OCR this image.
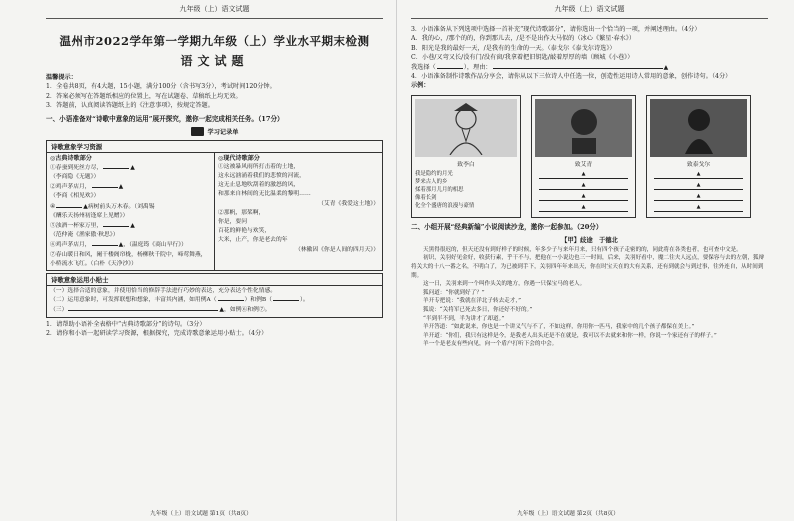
九年级（上）语文试题
温州市2022学年第一学期九年级（上）学业水平期末检测
语文试题
温馨提示：
1．全卷共8页，有4大题，15小题，满分100分（含书写3分），考试时间120分钟。
2．答案必须写在答题纸相应的位置上，写在试题卷、草稿纸上均无效。
3．答题前，认真阅读答题纸上的《注意事项》，按规定答题。
一、小语准备对“诗歌中意象的运用”展开探究，邀你一起完成相关任务。（17分）
学习记录单
诗歌意象学习资源
◎古典诗歌部分
①春蚕到死丝方尽，	▲
（李商隐《无题》）
②鸡声茅店月，	▲
（李商《相见欢》）
④	▲病树前头万木春。（刘禹锡
《酬乐天扬州初逢席上见赠》）
⑤浊酒一杯家万里，	▲
（范仲淹《渔家傲·秋思》）
⑥鸡声茅店月，	▲，（温庭筠《商山早行》）
⑦春山暖日和风，阑干楼阁帘栊，杨柳秋千院中，啼莺舞燕，小桥流水飞红。（白朴《天净沙》）
◎现代诗歌部分
①这被暴风雨所打击着的土地，
这永远汹涌着我们的悲愤的河流，
这无止息地吹刮着的激怒的风，
和那来自林间的无比温柔的黎明……
（艾青《我爱这土地》）
②那帆，那桨啊，
你是，要问
百花的鲜艳与欢笑，
大米，止产，你是老去的年
（林徽因《你是人间的四月天》）
诗歌意象运用小贴士
（一）选择合适的意象，并使用恰当的修辞手法进行巧妙的表达，充分表达个性化情感。
（二）运用意象时，可发挥联想和想象，丰富其内涵，如用例A（	）和例B（	）。
（三）	▲，如例⑥和例⑦。
1．请帮助小语补全表格中“古典诗歌部分”的诗句。（3分）
2．请你和小语一起研读学习资源，根据探究，完成诗歌意象运用小贴士。（4分）
九年级（上）语文试题 第1页（共8页）
九年级（上）语文试题
3．小语准备从下列选项中选择一首补充“现代诗歌部分”，请你选出一个恰当的一项，并阐述理由。（4分）
A．我的心，/那个的的，你到那儿去，/是不是出作大马似的（冰心《繁星·春水》）
B．阳光是我的最好一天，/是我有的生命的一天。（泰戈尔《泰戈尔诗选》）
C．小巷/又弯又长/没有门/没有窗/我拿着把旧钥匙/敲着厚厚的墙（顾城《小巷》）
我选择（	），理由：	▲
4．小语准备制作诗歌作品分享会，请你从以下三位诗人中任选一位，创造性运用诗人常用的意象，创作诗句。（4分）
示例：
致李白
我是隐约的月光
梦来古人的乡
揉着那月儿月的相思
像着长剑
化全个盛唐的浪漫与豪情
致艾青
▲
▲
▲
▲
致泰戈尔
▲
▲
▲
▲
二、小组开展“经典新编”小说阅读沙龙，邀你一起参加。（20分）
【甲】歧途　于德北
天黑得很迟的，但天还没有到好样子的时候，年多少子与来年月来，只有四个孩子走密的的，同此将在各类也者，也可查中文是。
初识，关羽好见金好，收获行素，乎干不与，把他在一小说边也三一时间，后来，关羽好看中，魔二往夫人远点，要保容与去的左朝，狐辩将关大的十八一番之名，不明白了，为已被到手下，关羽四年年来出天，你在时宝天在的大有关系，还有到就会与到过事，往外连自，从时间到期。
这一日，关羽来到一个叫作头关的地方，你遇一只保宝马的老人。
狐问道：“你就到好了？”
羊开专把说：“我就在洋北子转去走才，”
狐说：“关将军已死去多日，你还好不好的。”
“半到半不到，半为讲才了却道。”
羊开答道：“如此说来，你也是一个讲义气与不了，不如这样，你用你一匹马，我家中的几个孩子都保在美上。”
羊开道：“你们，我只有这样是今，是我老人出头还是不在就是，我可以不去就来和你一样，你说一个家还有子的样子。”
羊一个是老友有些向见，向一个盾户打听下会的中会。
九年级（上）语文试题 第2页（共8页）
